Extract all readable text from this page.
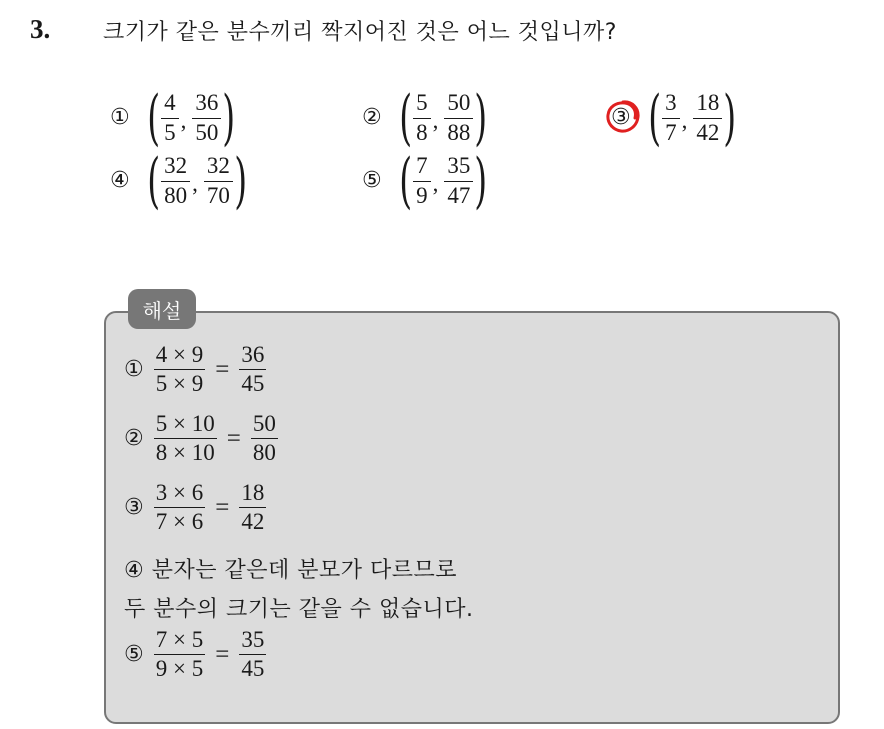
3. 크기가 같은 분수끼리 짝지어진 것은 어느 것입니까?
① ( $\frac{4}{5}$ , $\frac{36}{50}$ )	② ( $\frac{5}{8}$ , $\frac{50}{88}$ )	③ ( $\frac{3}{7}$ , $\frac{18}{42}$ )
④ ( $\frac{32}{80}$ , $\frac{32}{70}$ )	⑤ ( $\frac{7}{9}$ , $\frac{35}{47}$ )
해설
① $\frac{4 \times 9}{5 \times 9} = \frac{36}{45}$
② $\frac{5 \times 10}{8 \times 10} = \frac{50}{80}$
③ $\frac{3 \times 6}{7 \times 6} = \frac{18}{42}$
④ 분자는 같은데 분모가 다르므로
두 분수의 크기는 같을 수 없습니다.
⑤ $\frac{7 \times 5}{9 \times 5} = \frac{35}{45}$
